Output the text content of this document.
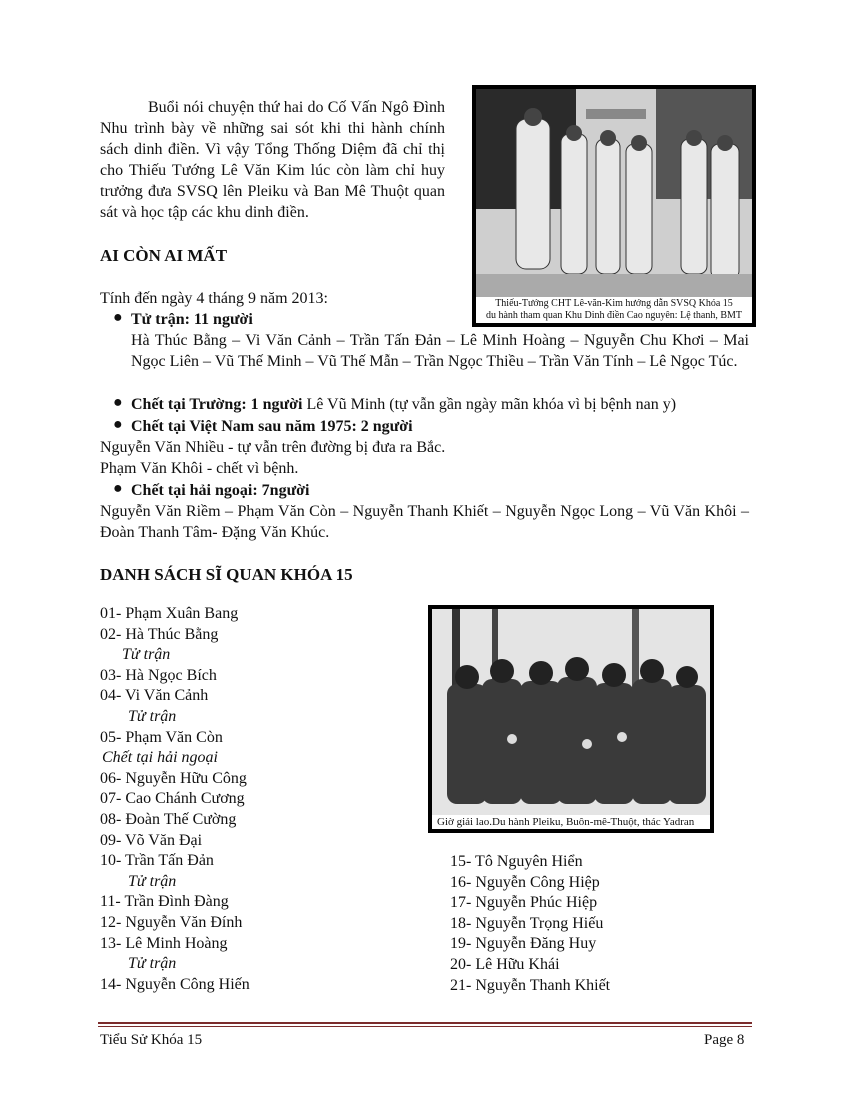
Buổi nói chuyện thứ hai do Cố Vấn Ngô Đình Nhu trình bày về những sai sót khi thi hành chính sách dinh điền. Vì vậy Tổng Thống Diệm đã chỉ thị cho Thiếu Tướng Lê Văn Kim lúc còn làm chỉ huy trưởng đưa SVSQ lên Pleiku và Ban Mê Thuột quan sát và học tập các khu dinh điền.
Thiếu-Tướng CHT Lê-văn-Kim hướng dẫn SVSQ Khóa 15
du hành tham quan Khu Dinh điền Cao nguyên: Lệ thanh, BMT
AI CÒN AI MẤT
Tính đến ngày 4 tháng 9 năm 2013:
● Tử trận: 11 người
Hà Thúc Bằng – Vi Văn Cảnh – Trần Tấn Đản – Lê Minh Hoàng – Nguyễn Chu Khơi – Mai Ngọc Liên – Vũ Thế Minh – Vũ Thế Mẫn – Trần Ngọc Thiều – Trần Văn Tính – Lê Ngọc Túc.
● Chết tại Trường: 1 người Lê Vũ Minh (tự vẫn gần ngày mãn khóa vì bị bệnh nan y)
● Chết tại Việt Nam sau năm 1975: 2 người
Nguyễn Văn Nhiều - tự vẫn trên đường bị đưa ra Bắc.
Phạm Văn Khôi - chết vì bệnh.
● Chết tại hải ngoại: 7người
Nguyễn Văn Riềm – Phạm Văn Còn – Nguyễn Thanh Khiết – Nguyễn Ngọc Long – Vũ Văn Khôi – Đoàn Thanh Tâm- Đặng Văn Khúc.
DANH SÁCH SĨ QUAN KHÓA 15
01- Phạm Xuân Bang
02- Hà Thúc Bằng
Tử trận
03- Hà Ngọc Bích
04- Vi Văn Cảnh
Tử trận
05- Phạm Văn Còn
Chết tại hải ngoại
06- Nguyễn Hữu Công
07- Cao Chánh Cương
08- Đoàn Thế Cường
09- Võ Văn Đại
10- Trần Tấn Đản
Tử trận
11- Trần Đình Đàng
12- Nguyễn Văn Đính
13- Lê Minh Hoàng
Tử trận
14- Nguyễn Công Hiến
Giờ giải lao.Du hành Pleiku, Buôn-mê-Thuột, thác Yadran
15- Tô Nguyên Hiển
16- Nguyễn Công Hiệp
17- Nguyễn Phúc Hiệp
18- Nguyễn Trọng Hiếu
19- Nguyễn Đăng Huy
20- Lê Hữu Khái
21- Nguyễn Thanh Khiết
Tiểu Sử Khóa 15	Page 8
